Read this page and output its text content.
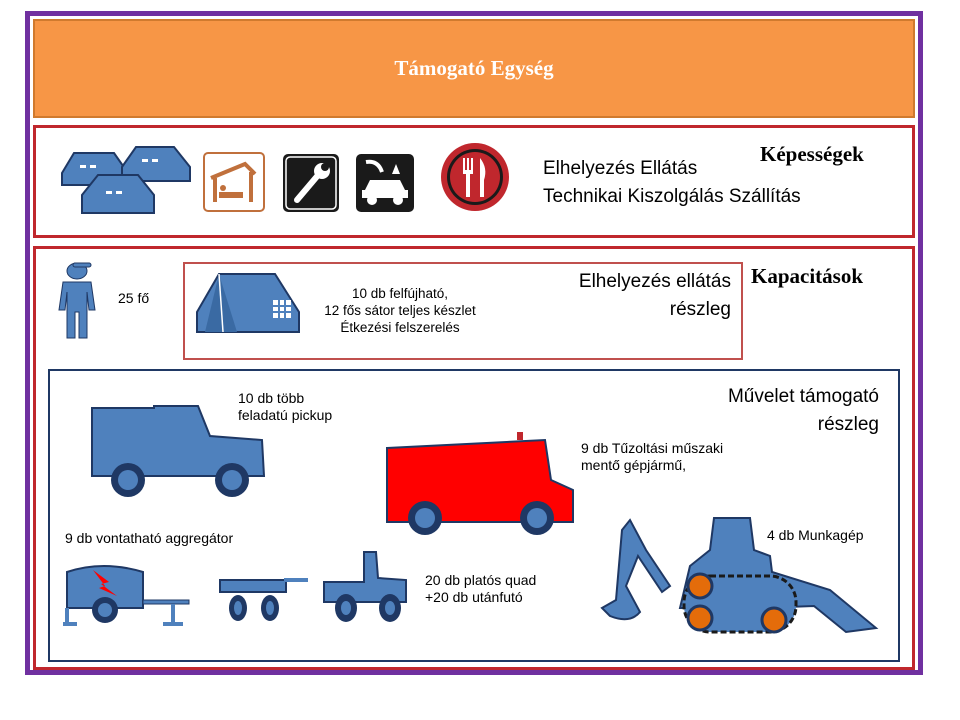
Támogató Egység
Képességek
Elhelyezés Ellátás
Technikai Kiszolgálás Szállítás
Kapacitások
25 fő	10 db felfújható,
12 fős sátor teljes készlet
Étkezési felszerelés
Elhelyezés ellátás
részleg
Művelet támogató
részleg
10 db több
feladatú pickup
9 db Tűzoltási műszaki
mentő gépjármű,
9 db vontatható aggregátor
20 db platós quad
+20 db utánfutó
4 db Munkagép
